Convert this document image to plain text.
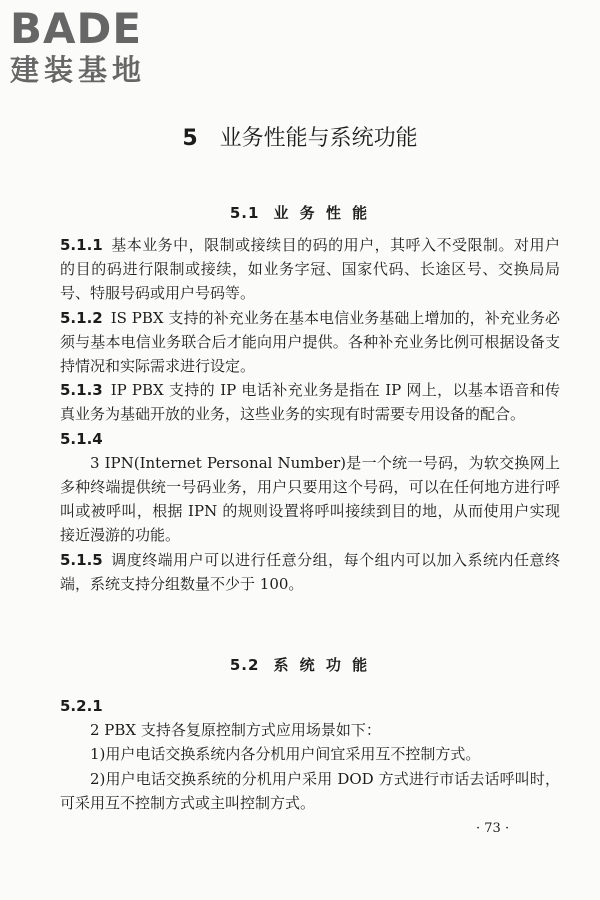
BADE
建装基地
5 业务性能与系统功能
5.1 业 务 性 能

5.1.1 基本业务中，限制或接续目的码的用户，其呼入不受限制。对用户的目的码进行限制或接续，如业务字冠、国家代码、长途区号、交换局局号、特服号码或用户号码等。

5.1.2 IS PBX 支持的补充业务在基本电信业务基础上增加的，补充业务必须与基本电信业务联合后才能向用户提供。各种补充业务比例可根据设备支持情况和实际需求进行设定。

5.1.3 IP PBX 支持的 IP 电话补充业务是指在 IP 网上，以基本语音和传真业务为基础开放的业务，这些业务的实现有时需要专用设备的配合。

5.1.4

3 IPN(Internet Personal Number)是一个统一号码，为软交换网上多种终端提供统一号码业务，用户只要用这个号码，可以在任何地方进行呼叫或被呼叫，根据 IPN 的规则设置将呼叫接续到目的地，从而使用户实现接近漫游的功能。

5.1.5 调度终端用户可以进行任意分组，每个组内可以加入系统内任意终端，系统支持分组数量不少于 100。

5.2 系 统 功 能

5.2.1

2 PBX 支持各复原控制方式应用场景如下：

1)用户电话交换系统内各分机用户间宜采用互不控制方式。

2)用户电话交换系统的分机用户采用 DOD 方式进行市话去话呼叫时，可采用互不控制方式或主叫控制方式。

· 73 ·
